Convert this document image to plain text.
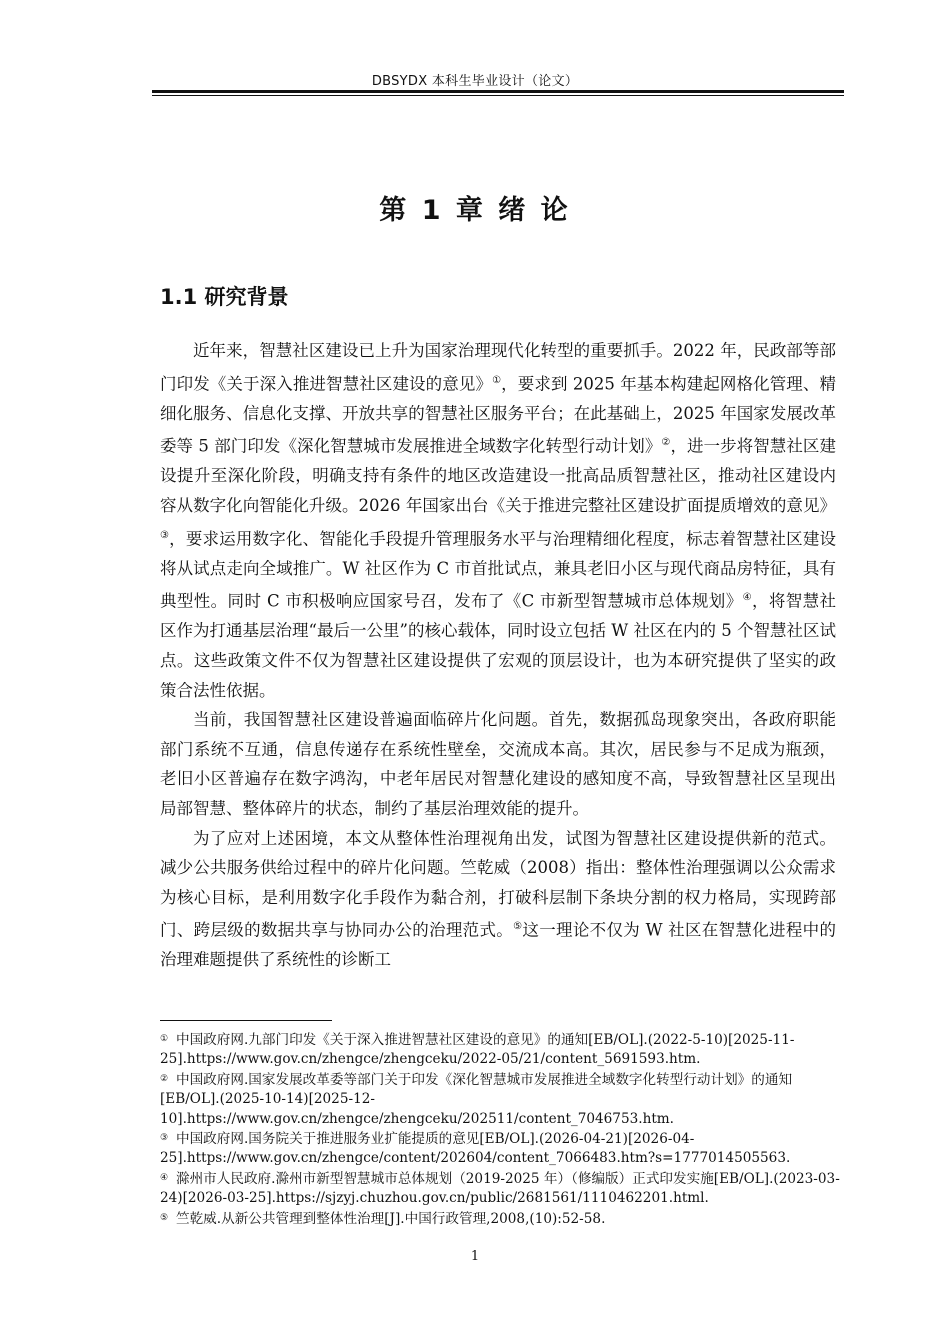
DBSYDX 本科生毕业设计（论文）
第 1 章 绪 论
1.1 研究背景

近年来，智慧社区建设已上升为国家治理现代化转型的重要抓手。2022 年，民政部等部门印发《关于深入推进智慧社区建设的意见》①，要求到 2025 年基本构建起网格化管理、精细化服务、信息化支撑、开放共享的智慧社区服务平台；在此基础上，2025 年国家发展改革委等 5 部门印发《深化智慧城市发展推进全域数字化转型行动计划》②，进一步将智慧社区建设提升至深化阶段，明确支持有条件的地区改造建设一批高品质智慧社区，推动社区建设内容从数字化向智能化升级。2026 年国家出台《关于推进完整社区建设扩面提质增效的意见》③，要求运用数字化、智能化手段提升管理服务水平与治理精细化程度，标志着智慧社区建设将从试点走向全域推广。W 社区作为 C 市首批试点，兼具老旧小区与现代商品房特征，具有典型性。同时 C 市积极响应国家号召，发布了《C 市新型智慧城市总体规划》④，将智慧社区作为打通基层治理“最后一公里”的核心载体，同时设立包括 W 社区在内的 5 个智慧社区试点。这些政策文件不仅为智慧社区建设提供了宏观的顶层设计，也为本研究提供了坚实的政策合法性依据。

当前，我国智慧社区建设普遍面临碎片化问题。首先，数据孤岛现象突出，各政府职能部门系统不互通，信息传递存在系统性壁垒，交流成本高。其次，居民参与不足成为瓶颈，老旧小区普遍存在数字鸿沟，中老年居民对智慧化建设的感知度不高，导致智慧社区呈现出局部智慧、整体碎片的状态，制约了基层治理效能的提升。

为了应对上述困境，本文从整体性治理视角出发，试图为智慧社区建设提供新的范式。减少公共服务供给过程中的碎片化问题。竺乾威（2008）指出：整体性治理强调以公众需求为核心目标，是利用数字化手段作为黏合剂，打破科层制下条块分割的权力格局，实现跨部门、跨层级的数据共享与协同办公的治理范式。⑤这一理论不仅为 W 社区在智慧化进程中的治理难题提供了系统性的诊断工

① 中国政府网.九部门印发《关于深入推进智慧社区建设的意见》的通知[EB/OL].(2022-5-10)[2025-11-25].https://www.gov.cn/zhengce/zhengceku/2022-05/21/content_5691593.htm.

② 中国政府网.国家发展改革委等部门关于印发《深化智慧城市发展推进全域数字化转型行动计划》的通知[EB/OL].(2025-10-14)[2025-12-10].https://www.gov.cn/zhengce/zhengceku/202511/content_7046753.htm.

③ 中国政府网.国务院关于推进服务业扩能提质的意见[EB/OL].(2026-04-21)[2026-04-25].https://www.gov.cn/zhengce/content/202604/content_7066483.htm?s=1777014505563.

④ 滁州市人民政府.滁州市新型智慧城市总体规划（2019-2025 年）（修编版）正式印发实施[EB/OL].(2023-03-24)[2026-03-25].https://sjzyj.chuzhou.gov.cn/public/2681561/1110462201.html.

⑤ 竺乾威.从新公共管理到整体性治理[J].中国行政管理,2008,(10):52-58.

1
